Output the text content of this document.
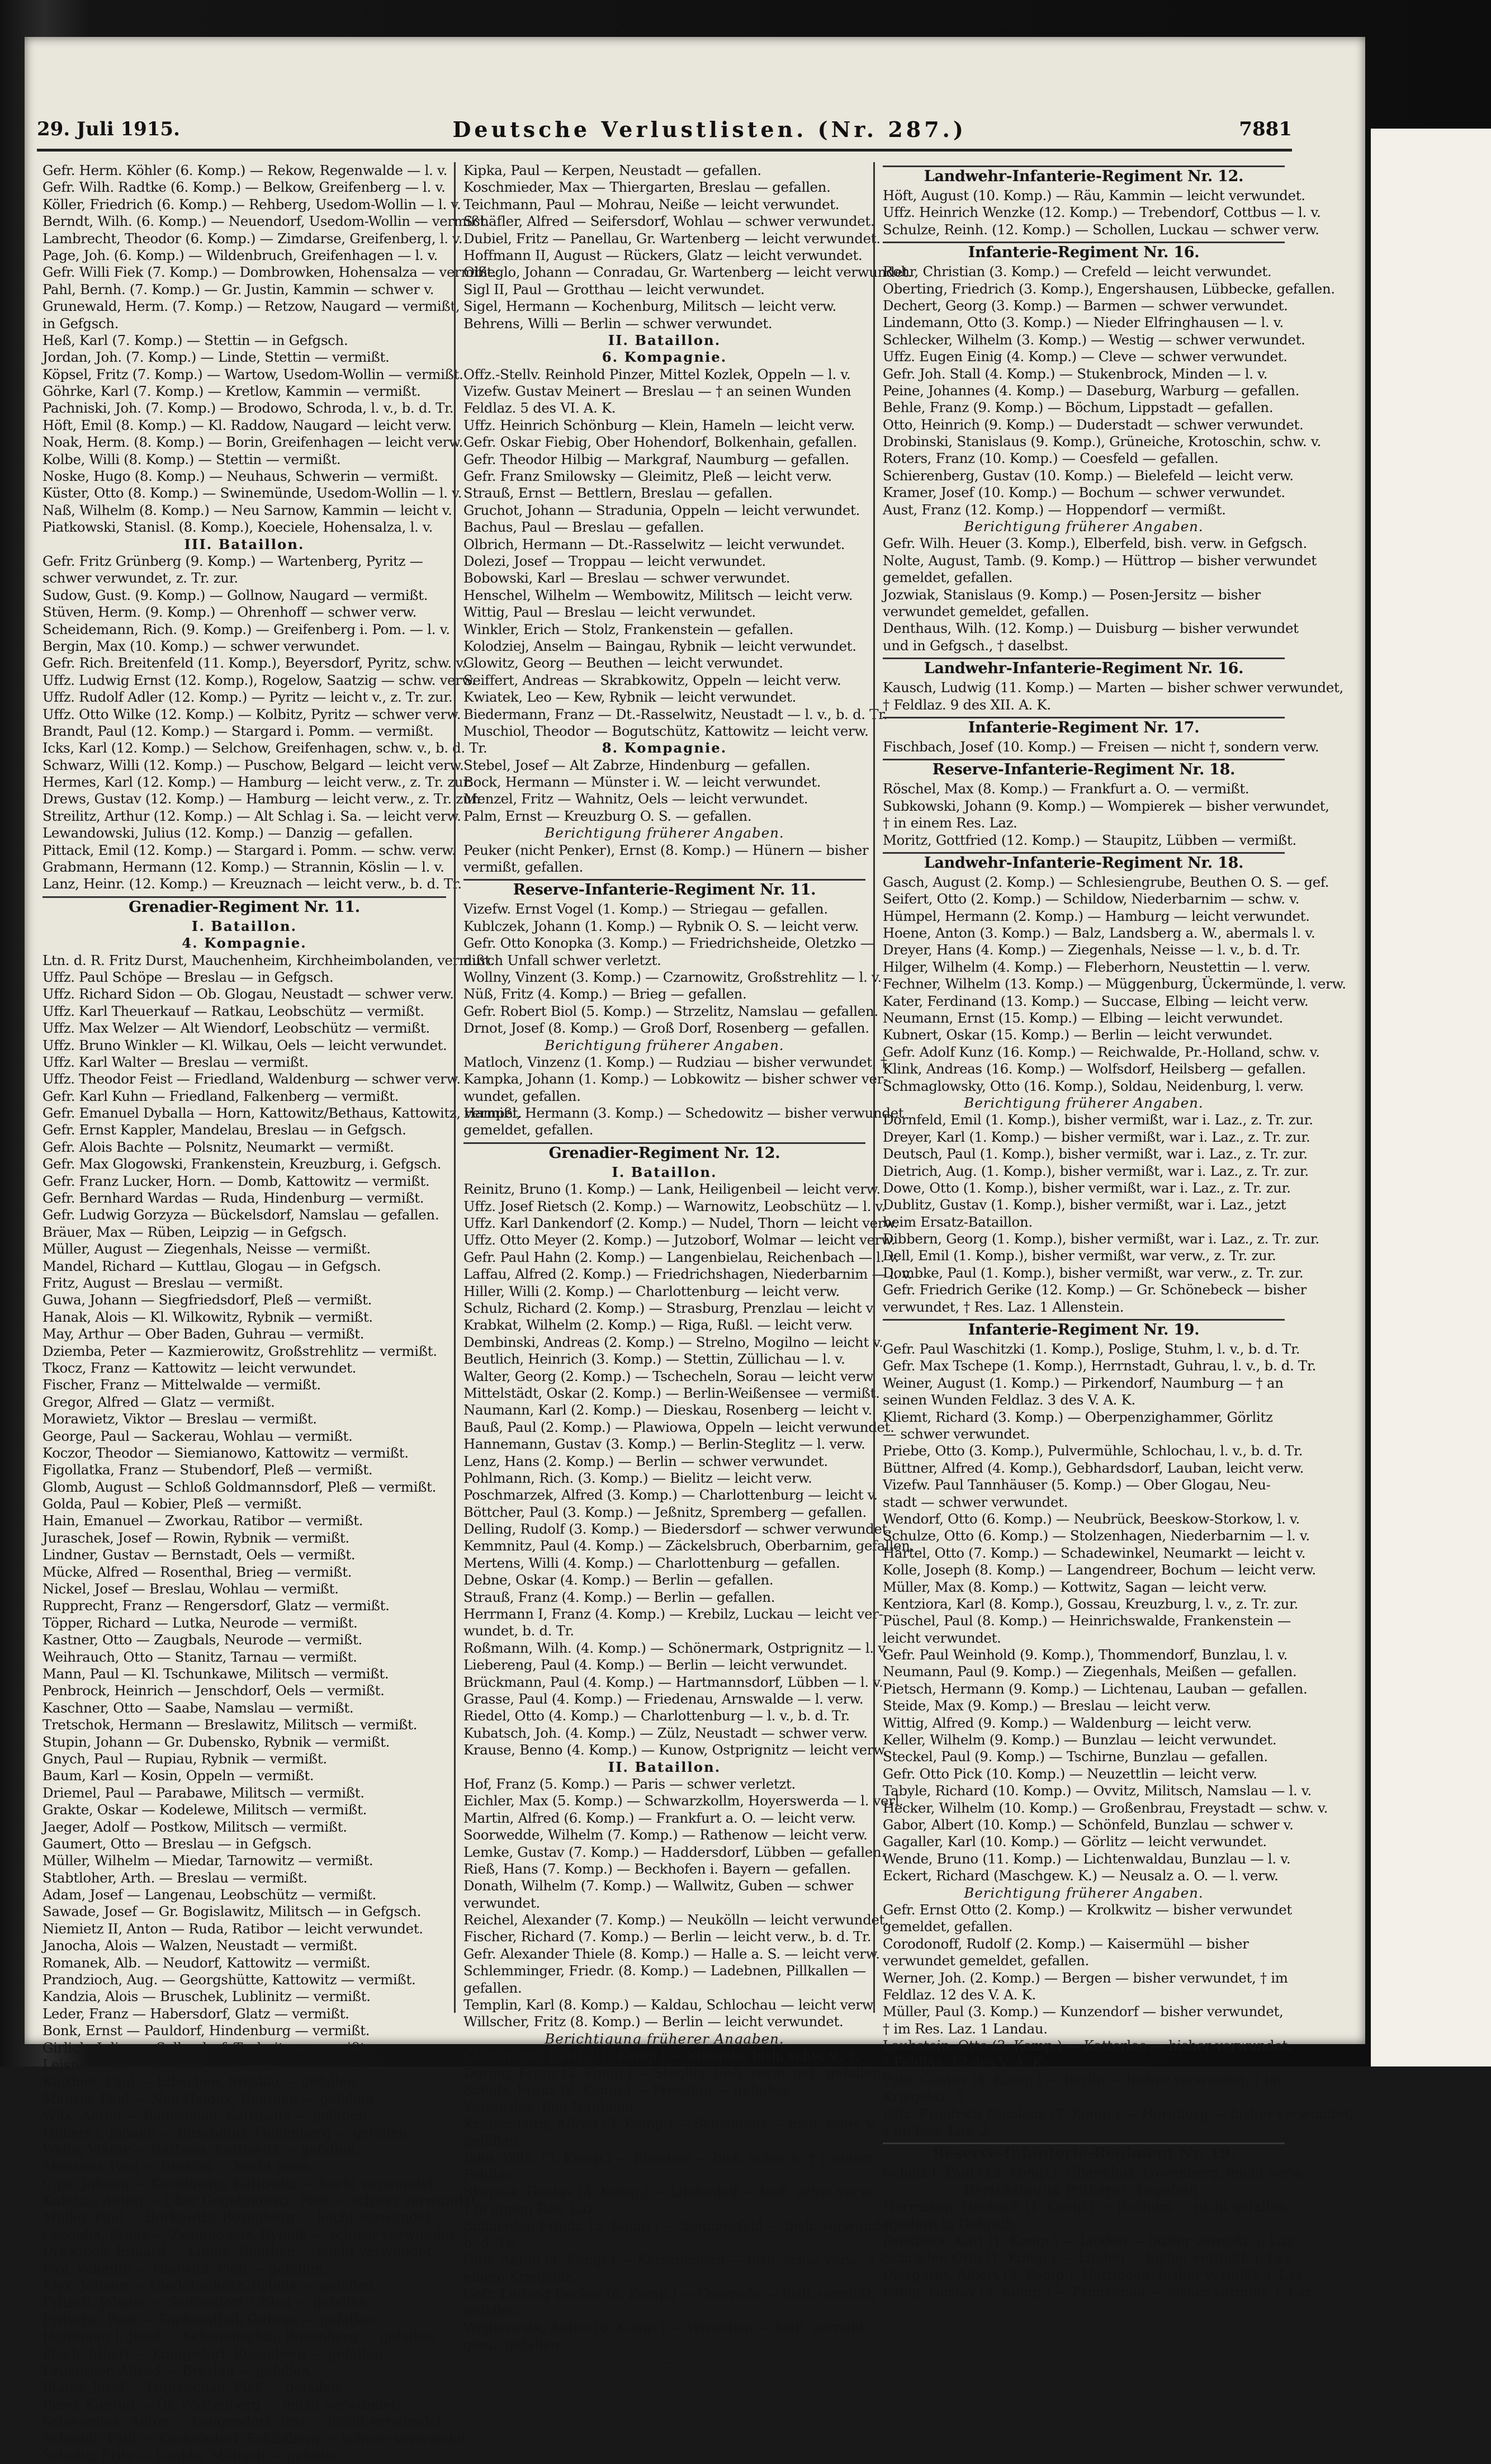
29. Juli 1915.	Deutsche Verlustlisten. (Nr. 287.)	7881
Gefr. Herm. Köhler (6. Komp.) — Rekow, Regenwalde — l. v.
Gefr. Wilh. Radtke (6. Komp.) — Belkow, Greifenberg — l. v.
Köller, Friedrich (6. Komp.) — Rehberg, Usedom-Wollin — l. v.
Berndt, Wilh. (6. Komp.) — Neuendorf, Usedom-Wollin — vermißt.
Lambrecht, Theodor (6. Komp.) — Zimdarse, Greifenberg, l. v.
Page, Joh. (6. Komp.) — Wildenbruch, Greifenhagen — l. v.
Gefr. Willi Fiek (7. Komp.) — Dombrowken, Hohensalza — vermißt.
Pahl, Bernh. (7. Komp.) — Gr. Justin, Kammin — schwer v.
Grunewald, Herm. (7. Komp.) — Retzow, Naugard — vermißt,
in Gefgsch.
Heß, Karl (7. Komp.) — Stettin — in Gefgsch.
Jordan, Joh. (7. Komp.) — Linde, Stettin — vermißt.
Köpsel, Fritz (7. Komp.) — Wartow, Usedom-Wollin — vermißt.
Göhrke, Karl (7. Komp.) — Kretlow, Kammin — vermißt.
Pachniski, Joh. (7. Komp.) — Brodowo, Schroda, l. v., b. d. Tr.
Höft, Emil (8. Komp.) — Kl. Raddow, Naugard — leicht verw.
Noak, Herm. (8. Komp.) — Borin, Greifenhagen — leicht verw.
Kolbe, Willi (8. Komp.) — Stettin — vermißt.
Noske, Hugo (8. Komp.) — Neuhaus, Schwerin — vermißt.
Küster, Otto (8. Komp.) — Swinemünde, Usedom-Wollin — l. v.
Naß, Wilhelm (8. Komp.) — Neu Sarnow, Kammin — leicht v.
Piatkowski, Stanisl. (8. Komp.), Koeciele, Hohensalza, l. v.
III. Bataillon.
Gefr. Fritz Grünberg (9. Komp.) — Wartenberg, Pyritz —
schwer verwundet, z. Tr. zur.
Sudow, Gust. (9. Komp.) — Gollnow, Naugard — vermißt.
Stüven, Herm. (9. Komp.) — Ohrenhoff — schwer verw.
Scheidemann, Rich. (9. Komp.) — Greifenberg i. Pom. — l. v.
Bergin, Max (10. Komp.) — schwer verwundet.
Gefr. Rich. Breitenfeld (11. Komp.), Beyersdorf, Pyritz, schw. v.
Uffz. Ludwig Ernst (12. Komp.), Rogelow, Saatzig — schw. verw.
Uffz. Rudolf Adler (12. Komp.) — Pyritz — leicht v., z. Tr. zur.
Uffz. Otto Wilke (12. Komp.) — Kolbitz, Pyritz — schwer verw.
Brandt, Paul (12. Komp.) — Stargard i. Pomm. — vermißt.
Icks, Karl (12. Komp.) — Selchow, Greifenhagen, schw. v., b. d. Tr.
Schwarz, Willi (12. Komp.) — Puschow, Belgard — leicht verw.
Hermes, Karl (12. Komp.) — Hamburg — leicht verw., z. Tr. zur.
Drews, Gustav (12. Komp.) — Hamburg — leicht verw., z. Tr. zur.
Streilitz, Arthur (12. Komp.) — Alt Schlag i. Sa. — leicht verw.
Lewandowski, Julius (12. Komp.) — Danzig — gefallen.
Pittack, Emil (12. Komp.) — Stargard i. Pomm. — schw. verw.
Grabmann, Hermann (12. Komp.) — Strannin, Köslin — l. v.
Lanz, Heinr. (12. Komp.) — Kreuznach — leicht verw., b. d. Tr.
Grenadier-Regiment Nr. 11.
I. Bataillon.
4. Kompagnie.
Ltn. d. R. Fritz Durst, Mauchenheim, Kirchheimbolanden, vermißt.
Uffz. Paul Schöpe — Breslau — in Gefgsch.
Uffz. Richard Sidon — Ob. Glogau, Neustadt — schwer verw.
Uffz. Karl Theuerkauf — Ratkau, Leobschütz — vermißt.
Uffz. Max Welzer — Alt Wiendorf, Leobschütz — vermißt.
Uffz. Bruno Winkler — Kl. Wilkau, Oels — leicht verwundet.
Uffz. Karl Walter — Breslau — vermißt.
Uffz. Theodor Feist — Friedland, Waldenburg — schwer verw.
Gefr. Karl Kuhn — Friedland, Falkenberg — vermißt.
Gefr. Emanuel Dyballa — Horn, Kattowitz/Bethaus, Kattowitz, vermißt.
Gefr. Ernst Kappler, Mandelau, Breslau — in Gefgsch.
Gefr. Alois Bachte — Polsnitz, Neumarkt — vermißt.
Gefr. Max Glogowski, Frankenstein, Kreuzburg, i. Gefgsch.
Gefr. Franz Lucker, Horn. — Domb, Kattowitz — vermißt.
Gefr. Bernhard Wardas — Ruda, Hindenburg — vermißt.
Gefr. Ludwig Gorzyza — Bückelsdorf, Namslau — gefallen.
Bräuer, Max — Rüben, Leipzig — in Gefgsch.
Müller, August — Ziegenhals, Neisse — vermißt.
Mandel, Richard — Kuttlau, Glogau — in Gefgsch.
Fritz, August — Breslau — vermißt.
Guwa, Johann — Siegfriedsdorf, Pleß — vermißt.
Hanak, Alois — Kl. Wilkowitz, Rybnik — vermißt.
May, Arthur — Ober Baden, Guhrau — vermißt.
Dziemba, Peter — Kazmierowitz, Großstrehlitz — vermißt.
Tkocz, Franz — Kattowitz — leicht verwundet.
Fischer, Franz — Mittelwalde — vermißt.
Gregor, Alfred — Glatz — vermißt.
Morawietz, Viktor — Breslau — vermißt.
George, Paul — Sackerau, Wohlau — vermißt.
Koczor, Theodor — Siemianowo, Kattowitz — vermißt.
Figollatka, Franz — Stubendorf, Pleß — vermißt.
Glomb, August — Schloß Goldmannsdorf, Pleß — vermißt.
Golda, Paul — Kobier, Pleß — vermißt.
Hain, Emanuel — Zworkau, Ratibor — vermißt.
Juraschek, Josef — Rowin, Rybnik — vermißt.
Lindner, Gustav — Bernstadt, Oels — vermißt.
Mücke, Alfred — Rosenthal, Brieg — vermißt.
Nickel, Josef — Breslau, Wohlau — vermißt.
Rupprecht, Franz — Rengersdorf, Glatz — vermißt.
Töpper, Richard — Lutka, Neurode — vermißt.
Kastner, Otto — Zaugbals, Neurode — vermißt.
Weihrauch, Otto — Stanitz, Tarnau — vermißt.
Mann, Paul — Kl. Tschunkawe, Militsch — vermißt.
Penbrock, Heinrich — Jenschdorf, Oels — vermißt.
Kaschner, Otto — Saabe, Namslau — vermißt.
Tretschok, Hermann — Breslawitz, Militsch — vermißt.
Stupin, Johann — Gr. Dubensko, Rybnik — vermißt.
Gnych, Paul — Rupiau, Rybnik — vermißt.
Baum, Karl — Kosin, Oppeln — vermißt.
Driemel, Paul — Parabawe, Militsch — vermißt.
Grakte, Oskar — Kodelewe, Militsch — vermißt.
Jaeger, Adolf — Postkow, Militsch — vermißt.
Gaumert, Otto — Breslau — in Gefgsch.
Müller, Wilhelm — Miedar, Tarnowitz — vermißt.
Stabtloher, Arth. — Breslau — vermißt.
Adam, Josef — Langenau, Leobschütz — vermißt.
Sawade, Josef — Gr. Bogislawitz, Militsch — in Gefgsch.
Niemietz II, Anton — Ruda, Ratibor — leicht verwundet.
Janocha, Alois — Walzen, Neustadt — vermißt.
Romanek, Alb. — Neudorf, Kattowitz — vermißt.
Prandzioch, Aug. — Georgshütte, Kattowitz — vermißt.
Kandzia, Alois — Bruschek, Lublinitz — vermißt.
Leder, Franz — Habersdorf, Glatz — vermißt.
Bonk, Ernst — Pauldorf, Hindenburg — vermißt.
Girlich, Julius — Sellendorf, Trebnitz — vermißt.
Leisner, Max — Breslau — vermißt.
Kurdner, Paul — Elbechen, Breslau — gefallen.
Mansla, Paul — Neu Heiduk, Beuthen — gefallen.
Wilk, Anton — Radoschau, Kattowitz — gefallen.
Hilbert I, Johann — Buschdorf, Falkenberg — gefallen.
Walla, Viktor — Barbara, Kattowitz — gefallen.
Menzner, Paul — Breslau — leicht verw.
Cipa, Johann — Kochlowitz, Kattowitz — leicht verwundet.
Kubitza, Anton — Ober Gogolinowitz, Pleß — schwer verwundet.
Müller, Paul — Borkowitz, Rosenberg — leicht verwundet.
Czogalla, Franz — Zwonnowitz, Rybnik — schwer verwundet.
Drewniok, Eduard — Lipine, Beuthen — leicht verwundet.
Fiol, Valentin — Gleiwitz, Pleß — gefallen.
Klyk, Johann — Niedobschütz, Rybnik — gefallen.
Fritsch, Johann — Seifersdorf, Ohlau — gefallen.
Fritsche, Paul — Sophienthal, Guhrau — gefallen.
Hoffmann I, Josef — Schwentschin, Rosenberg — gefallen.
Ploch, Albert — Königsdorf, Rosenberg — gefallen.
Leuchtner, Alfred — Breslau — gefallen.
Bialas, Josef — Poproschau, Pleß — gefallen.
Beier, Konrad — Gr. Wartenberg — leicht verwundet.
Schwientek, Anton — Langendorf, Tost — leicht verwundet.
Schmidt, Paul — Kochelsdorf, Schildberg — schwer verwundet.
Schultz, Fritz — Lonkta, Militsch — gefallen.
Kipka, Paul — Kerpen, Neustadt — gefallen.
Koschmieder, Max — Thiergarten, Breslau — gefallen.
Teichmann, Paul — Mohrau, Neiße — leicht verwundet.
Schäfler, Alfred — Seifersdorf, Wohlau — schwer verwundet.
Dubiel, Fritz — Panellau, Gr. Wartenberg — leicht verwundet.
Hoffmann II, August — Rückers, Glatz — leicht verwundet.
Obieglo, Johann — Conradau, Gr. Wartenberg — leicht verwundet.
Sigl II, Paul — Grotthau — leicht verwundet.
Sigel, Hermann — Kochenburg, Militsch — leicht verw.
Behrens, Willi — Berlin — schwer verwundet.
II. Bataillon.
6. Kompagnie.
Offz.-Stellv. Reinhold Pinzer, Mittel Kozlek, Oppeln — l. v.
Vizefw. Gustav Meinert — Breslau — † an seinen Wunden
Feldlaz. 5 des VI. A. K.
Uffz. Heinrich Schönburg — Klein, Hameln — leicht verw.
Gefr. Oskar Fiebig, Ober Hohendorf, Bolkenhain, gefallen.
Gefr. Theodor Hilbig — Markgraf, Naumburg — gefallen.
Gefr. Franz Smilowsky — Gleimitz, Pleß — leicht verw.
Strauß, Ernst — Bettlern, Breslau — gefallen.
Gruchot, Johann — Stradunia, Oppeln — leicht verwundet.
Bachus, Paul — Breslau — gefallen.
Olbrich, Hermann — Dt.-Rasselwitz — leicht verwundet.
Dolezi, Josef — Troppau — leicht verwundet.
Bobowski, Karl — Breslau — schwer verwundet.
Henschel, Wilhelm — Wembowitz, Militsch — leicht verw.
Wittig, Paul — Breslau — leicht verwundet.
Winkler, Erich — Stolz, Frankenstein — gefallen.
Kolodziej, Anselm — Baingau, Rybnik — leicht verwundet.
Glowitz, Georg — Beuthen — leicht verwundet.
Seiffert, Andreas — Skrabkowitz, Oppeln — leicht verw.
Kwiatek, Leo — Kew, Rybnik — leicht verwundet.
Biedermann, Franz — Dt.-Rasselwitz, Neustadt — l. v., b. d. Tr.
Muschiol, Theodor — Bogutschütz, Kattowitz — leicht verw.
8. Kompagnie.
Stebel, Josef — Alt Zabrze, Hindenburg — gefallen.
Bock, Hermann — Münster i. W. — leicht verwundet.
Menzel, Fritz — Wahnitz, Oels — leicht verwundet.
Palm, Ernst — Kreuzburg O. S. — gefallen.
Berichtigung früherer Angaben.
Peuker (nicht Penker), Ernst (8. Komp.) — Hünern — bisher
vermißt, gefallen.
Reserve-Infanterie-Regiment Nr. 11.
Vizefw. Ernst Vogel (1. Komp.) — Striegau — gefallen.
Kublczek, Johann (1. Komp.) — Rybnik O. S. — leicht verw.
Gefr. Otto Konopka (3. Komp.) — Friedrichsheide, Oletzko —
durch Unfall schwer verletzt.
Wollny, Vinzent (3. Komp.) — Czarnowitz, Großstrehlitz — l. v.
Nüß, Fritz (4. Komp.) — Brieg — gefallen.
Gefr. Robert Biol (5. Komp.) — Strzelitz, Namslau — gefallen.
Drnot, Josef (8. Komp.) — Groß Dorf, Rosenberg — gefallen.
Berichtigung früherer Angaben.
Matloch, Vinzenz (1. Komp.) — Rudziau — bisher verwundet, †.
Kampka, Johann (1. Komp.) — Lobkowitz — bisher schwer ver-
wundet, gefallen.
Hampel, Hermann (3. Komp.) — Schedowitz — bisher verwundet
gemeldet, gefallen.
Grenadier-Regiment Nr. 12.
I. Bataillon.
Reinitz, Bruno (1. Komp.) — Lank, Heiligenbeil — leicht verw.
Uffz. Josef Rietsch (2. Komp.) — Warnowitz, Leobschütz — l. v.
Uffz. Karl Dankendorf (2. Komp.) — Nudel, Thorn — leicht verw.
Uffz. Otto Meyer (2. Komp.) — Jutzoborf, Wolmar — leicht verw.
Gefr. Paul Hahn (2. Komp.) — Langenbielau, Reichenbach — l. v.
Laffau, Alfred (2. Komp.) — Friedrichshagen, Niederbarnim — l. v.
Hiller, Willi (2. Komp.) — Charlottenburg — leicht verw.
Schulz, Richard (2. Komp.) — Strasburg, Prenzlau — leicht v.
Krabkat, Wilhelm (2. Komp.) — Riga, Rußl. — leicht verw.
Dembinski, Andreas (2. Komp.) — Strelno, Mogilno — leicht v.
Beutlich, Heinrich (3. Komp.) — Stettin, Züllichau — l. v.
Walter, Georg (2. Komp.) — Tschecheln, Sorau — leicht verw.
Mittelstädt, Oskar (2. Komp.) — Berlin-Weißensee — vermißt.
Naumann, Karl (2. Komp.) — Dieskau, Rosenberg — leicht v.
Bauß, Paul (2. Komp.) — Plawiowa, Oppeln — leicht verwundet.
Hannemann, Gustav (3. Komp.) — Berlin-Steglitz — l. verw.
Lenz, Hans (2. Komp.) — Berlin — schwer verwundet.
Pohlmann, Rich. (3. Komp.) — Bielitz — leicht verw.
Poschmarzek, Alfred (3. Komp.) — Charlottenburg — leicht v.
Böttcher, Paul (3. Komp.) — Jeßnitz, Spremberg — gefallen.
Delling, Rudolf (3. Komp.) — Biedersdorf — schwer verwundet.
Kemmnitz, Paul (4. Komp.) — Zäckelsbruch, Oberbarnim, gefallen.
Mertens, Willi (4. Komp.) — Charlottenburg — gefallen.
Debne, Oskar (4. Komp.) — Berlin — gefallen.
Strauß, Franz (4. Komp.) — Berlin — gefallen.
Herrmann I, Franz (4. Komp.) — Krebilz, Luckau — leicht ver-
wundet, b. d. Tr.
Roßmann, Wilh. (4. Komp.) — Schönermark, Ostprignitz — l. v.
Liebereng, Paul (4. Komp.) — Berlin — leicht verwundet.
Brückmann, Paul (4. Komp.) — Hartmannsdorf, Lübben — l. v.
Grasse, Paul (4. Komp.) — Friedenau, Arnswalde — l. verw.
Riedel, Otto (4. Komp.) — Charlottenburg — l. v., b. d. Tr.
Kubatsch, Joh. (4. Komp.) — Zülz, Neustadt — schwer verw.
Krause, Benno (4. Komp.) — Kunow, Ostprignitz — leicht verw.
II. Bataillon.
Hof, Franz (5. Komp.) — Paris — schwer verletzt.
Eichler, Max (5. Komp.) — Schwarzkollm, Hoyerswerda — l. verl.
Martin, Alfred (6. Komp.) — Frankfurt a. O. — leicht verw.
Soorwedde, Wilhelm (7. Komp.) — Rathenow — leicht verw.
Lemke, Gustav (7. Komp.) — Haddersdorf, Lübben — gefallen.
Rieß, Hans (7. Komp.) — Beckhofen i. Bayern — gefallen.
Donath, Wilhelm (7. Komp.) — Wallwitz, Guben — schwer
verwundet.
Reichel, Alexander (7. Komp.) — Neukölln — leicht verwundet.
Fischer, Richard (7. Komp.) — Berlin — leicht verw., b. d. Tr.
Gefr. Alexander Thiele (8. Komp.) — Halle a. S. — leicht verw.
Schlemminger, Friedr. (8. Komp.) — Ladebnen, Pillkallen —
gefallen.
Templin, Karl (8. Komp.) — Kaldau, Schlochau — leicht verw.
Willscher, Fritz (8. Komp.) — Berlin — leicht verwundet.
Berichtigung früherer Angaben.
Gleitsmann, Berth. (1. Komp.) — Staupitz, bish. schw. v., †.
Döring, Franz (2. Komp.) — Steglitz, bish. verm. gef., gefallen.
Schulz, Franz (2. Komp.) — Prenzlau — gefallen.
Vereinslaz. Bad Nauheim.
Kratzenberg, Alfred (3. Komp.) — Schwiebus — bish. schw. v.,
gefallen.
Jahn, Wilh. (3. Komp.) — Kliestow — bish. schw. v., † i. einem
Feldlaz.
Skopnik, Gustav (3. Komp.) — Lindenhof — bish. schw. verw.,
† in einem Res. Laz.
Schneider, Friedr. (3. Komp.) — Sommerfeld — bish. verwundet,
b. d. Tr.
Guß, Anton (4. Komp.) — Karschenken — bish. schw. verw., † i.
einem Kriegslaz.
Gefr. Ludwig Becker (6. Komp.) — Osterode — bish. vermißt,
gefallen.
Wojtkowiak, Anton (6. Komp.) — Wreschen — bish. vermißt
gem., gefallen.
—
Landwehr-Infanterie-Regiment Nr. 12.
Höft, August (10. Komp.) — Räu, Kammin — leicht verwundet.
Uffz. Heinrich Wenzke (12. Komp.) — Trebendorf, Cottbus — l. v.
Schulze, Reinh. (12. Komp.) — Schollen, Luckau — schwer verw.
Infanterie-Regiment Nr. 16.
Rohr, Christian (3. Komp.) — Crefeld — leicht verwundet.
Oberting, Friedrich (3. Komp.), Engershausen, Lübbecke, gefallen.
Dechert, Georg (3. Komp.) — Barmen — schwer verwundet.
Lindemann, Otto (3. Komp.) — Nieder Elfringhausen — l. v.
Schlecker, Wilhelm (3. Komp.) — Westig — schwer verwundet.
Uffz. Eugen Einig (4. Komp.) — Cleve — schwer verwundet.
Gefr. Joh. Stall (4. Komp.) — Stukenbrock, Minden — l. v.
Peine, Johannes (4. Komp.) — Daseburg, Warburg — gefallen.
Behle, Franz (9. Komp.) — Böchum, Lippstadt — gefallen.
Otto, Heinrich (9. Komp.) — Duderstadt — schwer verwundet.
Drobinski, Stanislaus (9. Komp.), Grüneiche, Krotoschin, schw. v.
Roters, Franz (10. Komp.) — Coesfeld — gefallen.
Schierenberg, Gustav (10. Komp.) — Bielefeld — leicht verw.
Kramer, Josef (10. Komp.) — Bochum — schwer verwundet.
Aust, Franz (12. Komp.) — Hoppendorf — vermißt.
Berichtigung früherer Angaben.
Gefr. Wilh. Heuer (3. Komp.), Elberfeld, bish. verw. in Gefgsch.
Nolte, August, Tamb. (9. Komp.) — Hüttrop — bisher verwundet
gemeldet, gefallen.
Jozwiak, Stanislaus (9. Komp.) — Posen-Jersitz — bisher
verwundet gemeldet, gefallen.
Denthaus, Wilh. (12. Komp.) — Duisburg — bisher verwundet
und in Gefgsch., † daselbst.
Landwehr-Infanterie-Regiment Nr. 16.
Kausch, Ludwig (11. Komp.) — Marten — bisher schwer verwundet,
† Feldlaz. 9 des XII. A. K.
Infanterie-Regiment Nr. 17.
Fischbach, Josef (10. Komp.) — Freisen — nicht †, sondern verw.
Reserve-Infanterie-Regiment Nr. 18.
Röschel, Max (8. Komp.) — Frankfurt a. O. — vermißt.
Subkowski, Johann (9. Komp.) — Wompierek — bisher verwundet,
† in einem Res. Laz.
Moritz, Gottfried (12. Komp.) — Staupitz, Lübben — vermißt.
Landwehr-Infanterie-Regiment Nr. 18.
Gasch, August (2. Komp.) — Schlesiengrube, Beuthen O. S. — gef.
Seifert, Otto (2. Komp.) — Schildow, Niederbarnim — schw. v.
Hümpel, Hermann (2. Komp.) — Hamburg — leicht verwundet.
Hoene, Anton (3. Komp.) — Balz, Landsberg a. W., abermals l. v.
Dreyer, Hans (4. Komp.) — Ziegenhals, Neisse — l. v., b. d. Tr.
Hilger, Wilhelm (4. Komp.) — Fleberhorn, Neustettin — l. verw.
Fechner, Wilhelm (13. Komp.) — Müggenburg, Ückermünde, l. verw.
Kater, Ferdinand (13. Komp.) — Succase, Elbing — leicht verw.
Neumann, Ernst (15. Komp.) — Elbing — leicht verwundet.
Kubnert, Oskar (15. Komp.) — Berlin — leicht verwundet.
Gefr. Adolf Kunz (16. Komp.) — Reichwalde, Pr.-Holland, schw. v.
Klink, Andreas (16. Komp.) — Wolfsdorf, Heilsberg — gefallen.
Schmaglowsky, Otto (16. Komp.), Soldau, Neidenburg, l. verw.
Berichtigung früherer Angaben.
Dornfeld, Emil (1. Komp.), bisher vermißt, war i. Laz., z. Tr. zur.
Dreyer, Karl (1. Komp.) — bisher vermißt, war i. Laz., z. Tr. zur.
Deutsch, Paul (1. Komp.), bisher vermißt, war i. Laz., z. Tr. zur.
Dietrich, Aug. (1. Komp.), bisher vermißt, war i. Laz., z. Tr. zur.
Dowe, Otto (1. Komp.), bisher vermißt, war i. Laz., z. Tr. zur.
Dublitz, Gustav (1. Komp.), bisher vermißt, war i. Laz., jetzt
beim Ersatz-Bataillon.
Dibbern, Georg (1. Komp.), bisher vermißt, war i. Laz., z. Tr. zur.
Dell, Emil (1. Komp.), bisher vermißt, war verw., z. Tr. zur.
Dombke, Paul (1. Komp.), bisher vermißt, war verw., z. Tr. zur.
Gefr. Friedrich Gerike (12. Komp.) — Gr. Schönebeck — bisher
verwundet, † Res. Laz. 1 Allenstein.
Infanterie-Regiment Nr. 19.
Gefr. Paul Waschitzki (1. Komp.), Poslige, Stuhm, l. v., b. d. Tr.
Gefr. Max Tschepe (1. Komp.), Herrnstadt, Guhrau, l. v., b. d. Tr.
Weiner, August (1. Komp.) — Pirkendorf, Naumburg — † an
seinen Wunden Feldlaz. 3 des V. A. K.
Kliemt, Richard (3. Komp.) — Oberpenzighammer, Görlitz
— schwer verwundet.
Priebe, Otto (3. Komp.), Pulvermühle, Schlochau, l. v., b. d. Tr.
Büttner, Alfred (4. Komp.), Gebhardsdorf, Lauban, leicht verw.
Vizefw. Paul Tannhäuser (5. Komp.) — Ober Glogau, Neu-
stadt — schwer verwundet.
Wendorf, Otto (6. Komp.) — Neubrück, Beeskow-Storkow, l. v.
Schulze, Otto (6. Komp.) — Stolzenhagen, Niederbarnim — l. v.
Härtel, Otto (7. Komp.) — Schadewinkel, Neumarkt — leicht v.
Kolle, Joseph (8. Komp.) — Langendreer, Bochum — leicht verw.
Müller, Max (8. Komp.) — Kottwitz, Sagan — leicht verw.
Kentziora, Karl (8. Komp.), Gossau, Kreuzburg, l. v., z. Tr. zur.
Püschel, Paul (8. Komp.) — Heinrichswalde, Frankenstein —
leicht verwundet.
Gefr. Paul Weinhold (9. Komp.), Thommendorf, Bunzlau, l. v.
Neumann, Paul (9. Komp.) — Ziegenhals, Meißen — gefallen.
Pietsch, Hermann (9. Komp.) — Lichtenau, Lauban — gefallen.
Steide, Max (9. Komp.) — Breslau — leicht verw.
Wittig, Alfred (9. Komp.) — Waldenburg — leicht verw.
Keller, Wilhelm (9. Komp.) — Bunzlau — leicht verwundet.
Steckel, Paul (9. Komp.) — Tschirne, Bunzlau — gefallen.
Gefr. Otto Pick (10. Komp.) — Neuzettlin — leicht verw.
Tabyle, Richard (10. Komp.) — Ovvitz, Militsch, Namslau — l. v.
Hecker, Wilhelm (10. Komp.) — Großenbrau, Freystadt — schw. v.
Gabor, Albert (10. Komp.) — Schönfeld, Bunzlau — schwer v.
Gagaller, Karl (10. Komp.) — Görlitz — leicht verwundet.
Wende, Bruno (11. Komp.) — Lichtenwaldau, Bunzlau — l. v.
Eckert, Richard (Maschgew. K.) — Neusalz a. O. — l. verw.
Berichtigung früherer Angaben.
Gefr. Ernst Otto (2. Komp.) — Krolkwitz — bisher verwundet
gemeldet, gefallen.
Corodonoff, Rudolf (2. Komp.) — Kaisermühl — bisher
verwundet gemeldet, gefallen.
Werner, Joh. (2. Komp.) — Bergen — bisher verwundet, † im
Feldlaz. 12 des V. A. K.
Müller, Paul (3. Komp.) — Kunzendorf — bisher verwundet,
† im Res. Laz. 1 Landau.
Laubstein, Otto (3. Komp.) — Katterlee — bisher verwundet,
† Feldlaz. 12 des V. A. K.
Pohl, Gustav (4. Komp.) — Berlin — bisher verwundet, † im
Kriegslaz. 3.
Uffz. Friedrich Nicolaus (7. Komp.) — Hornburg — bisher verwundet,
† im Res. Laz. 2.
Reserve-Infanterie-Regiment Nr. 19.
Scholz I, Paul (12. Komp.), Ullersdorf, Löwenberg, leicht verw.
Berichtigung früherer Angaben.
Herrmann, Heinrich (1. Komp.) — Bochum — nicht gefallen,
sondern in Gefgsch.
Dresbeck, Karl (1. Komp.) — Linden — bisher vermißt, i. Laz.
Schrader, Otto (1. Komp.) — Linden — bisher vermißt, i. Laz.
Diergardt, Albert (3. Komp.), Hattingen, bisher vermißt, i. Laz.
Fabig, Gustav (4. Komp.) — Primkenau — bisher vermißt, i. Laz.
